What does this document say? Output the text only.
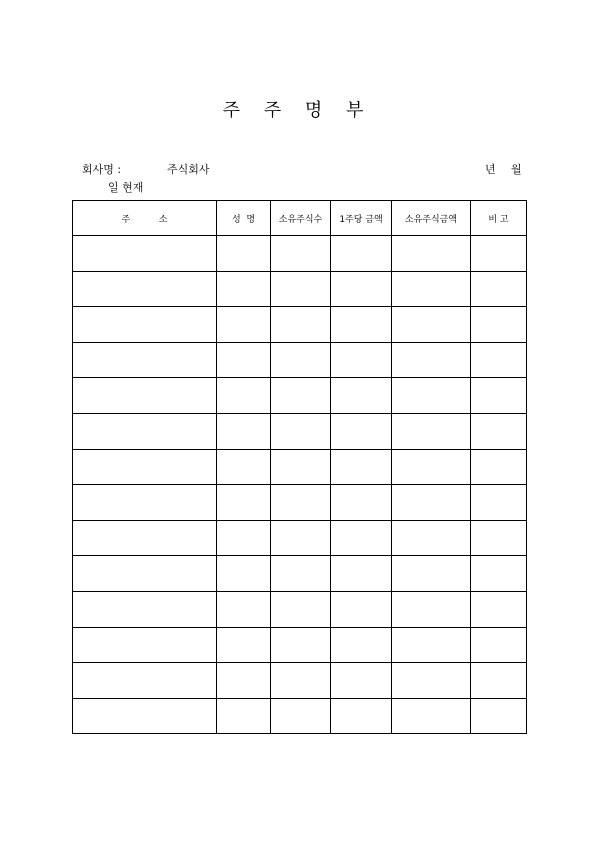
주 주 명 부
회사명 :	주식회사	년 월
일 현재
주          소	성  명	소유주식수	1주당 금액	소유주식금액	비 고
